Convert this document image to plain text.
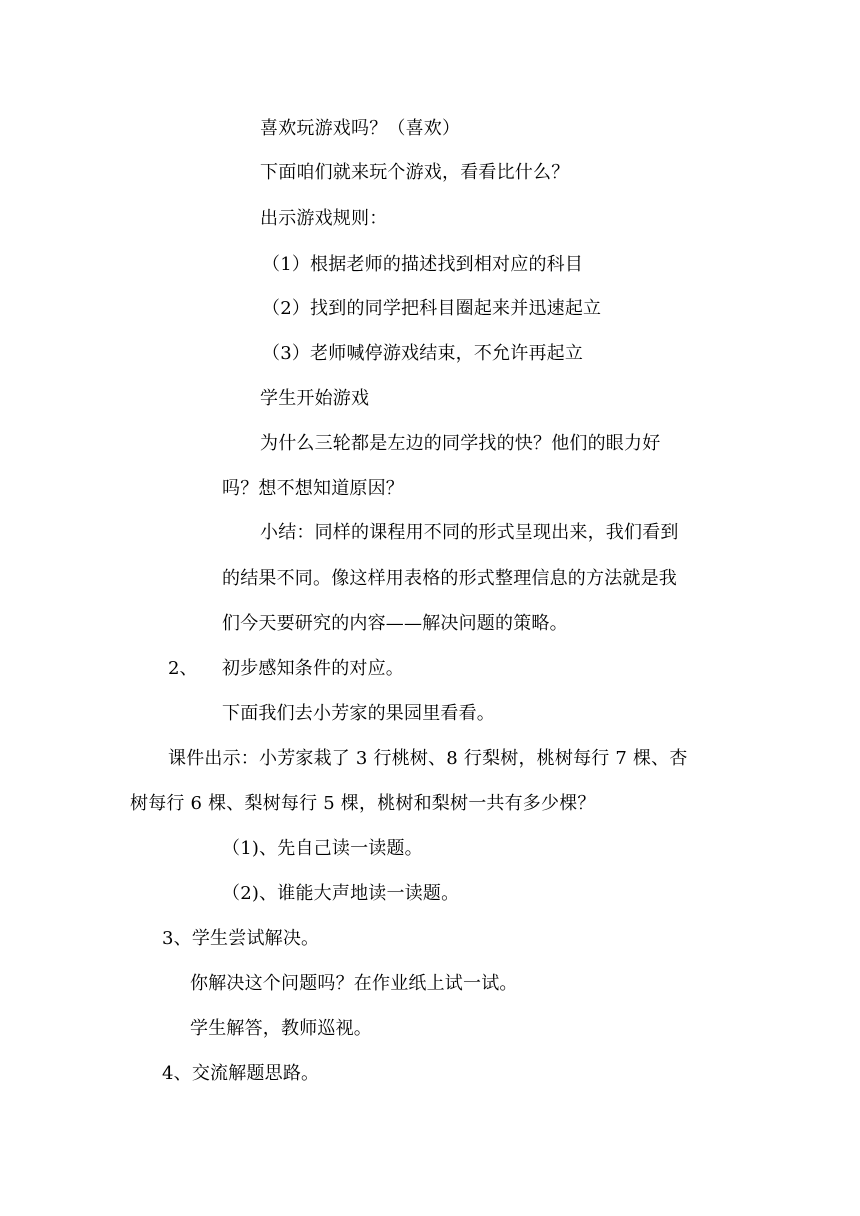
喜欢玩游戏吗？（喜欢）
下面咱们就来玩个游戏，看看比什么？
出示游戏规则：
（1）根据老师的描述找到相对应的科目
（2）找到的同学把科目圈起来并迅速起立
（3）老师喊停游戏结束，不允许再起立
学生开始游戏
为什么三轮都是左边的同学找的快？他们的眼力好
吗？想不想知道原因？
小结：同样的课程用不同的形式呈现出来，我们看到
的结果不同。像这样用表格的形式整理信息的方法就是我
们今天要研究的内容——解决问题的策略。
2、 初步感知条件的对应。
下面我们去小芳家的果园里看看。
课件出示：小芳家栽了 3 行桃树、8 行梨树，桃树每行 7 棵、杏
树每行 6 棵、梨树每行 5 棵，桃树和梨树一共有多少棵？
（1)、先自己读一读题。
（2)、谁能大声地读一读题。
3、学生尝试解决。
你解决这个问题吗？在作业纸上试一试。
学生解答，教师巡视。
4、交流解题思路。
